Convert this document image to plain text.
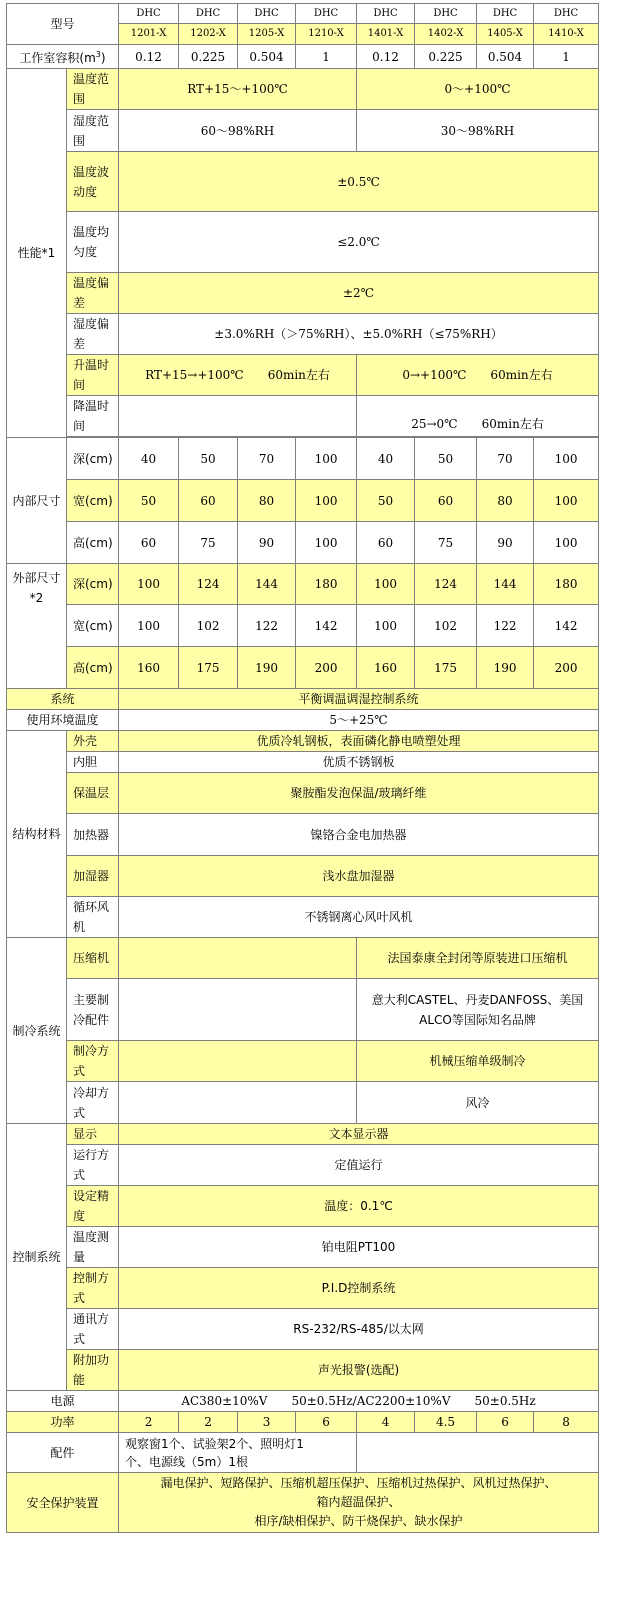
型号		DHC	DHC	DHC	DHC	DHC	DHC	DHC	DHC
		1201-X	1202-X	1205-X	1210-X	1401-X	1402-X	1405-X	1410-X
工作室容积$(m^3)$		0.12	0.225	0.504	1	0.12	0.225	0.504	1
性能*1	温度范围	RT+15～+100℃				0～+100℃			
	湿度范围	60～98%RH				30～98%RH			
	温度波动度	±0.5℃							
	温度均匀度	≤2.0℃							
	温度偏差	±2℃							
	湿度偏差	±3.0%RH（＞75%RH）、±5.0%RH（≤75%RH）							
	升温时间	RT+15→+100℃　　60min左右				0→+100℃　　60min左右			
	降温时间					25→0℃　　60min左右			

内部尺寸	深(cm)	40	50	70	100	40	50	70	100
	宽(cm)	50	60	80	100	50	60	80	100
	高(cm)	60	75	90	100	60	75	90	100
外部尺寸*2	深(cm)	100	124	144	180	100	124	144	180
	宽(cm)	100	102	122	142	100	102	122	142
	高(cm)	160	175	190	200	160	175	190	200
系统		平衡调温调湿控制系统							
使用环境温度		5～+25℃							
结构材料	外壳	优质冷轧钢板，表面磷化静电喷塑处理							
	内胆	优质不锈钢板							
	保温层	聚胺酯发泡保温/玻璃纤维							
	加热器	镍铬合金电加热器							
	加湿器	浅水盘加湿器							
	循环风机	不锈钢离心风叶风机							
制冷系统	压缩机					法国泰康全封闭等原装进口压缩机			
	主要制冷配件					意大利CASTEL、丹麦DANFOSS、美国ALCO等国际知名品牌			
	制冷方式					机械压缩单级制冷			
	冷却方式					风冷			
控制系统	显示	文本显示器							
	运行方式	定值运行							
	设定精度	温度：0.1℃							
	温度测量	铂电阻PT100							
	控制方式	P.I.D控制系统							
	通讯方式	RS-232/RS-485/以太网							
	附加功能	声光报警(选配)							
电源		AC380±10%V　　50±0.5Hz/AC2200±10%V　　50±0.5Hz							
功率		2	2	3	6	4	4.5	6	8
配件		观察窗1个、试验架2个、照明灯1
个、电源线（5m）1根							

安全保护装置		漏电保护、短路保护、压缩机超压保护、压缩机过热保护、风机过热保护、
箱内超温保护、
相序/缺相保护、防干烧保护、缺水保护							
